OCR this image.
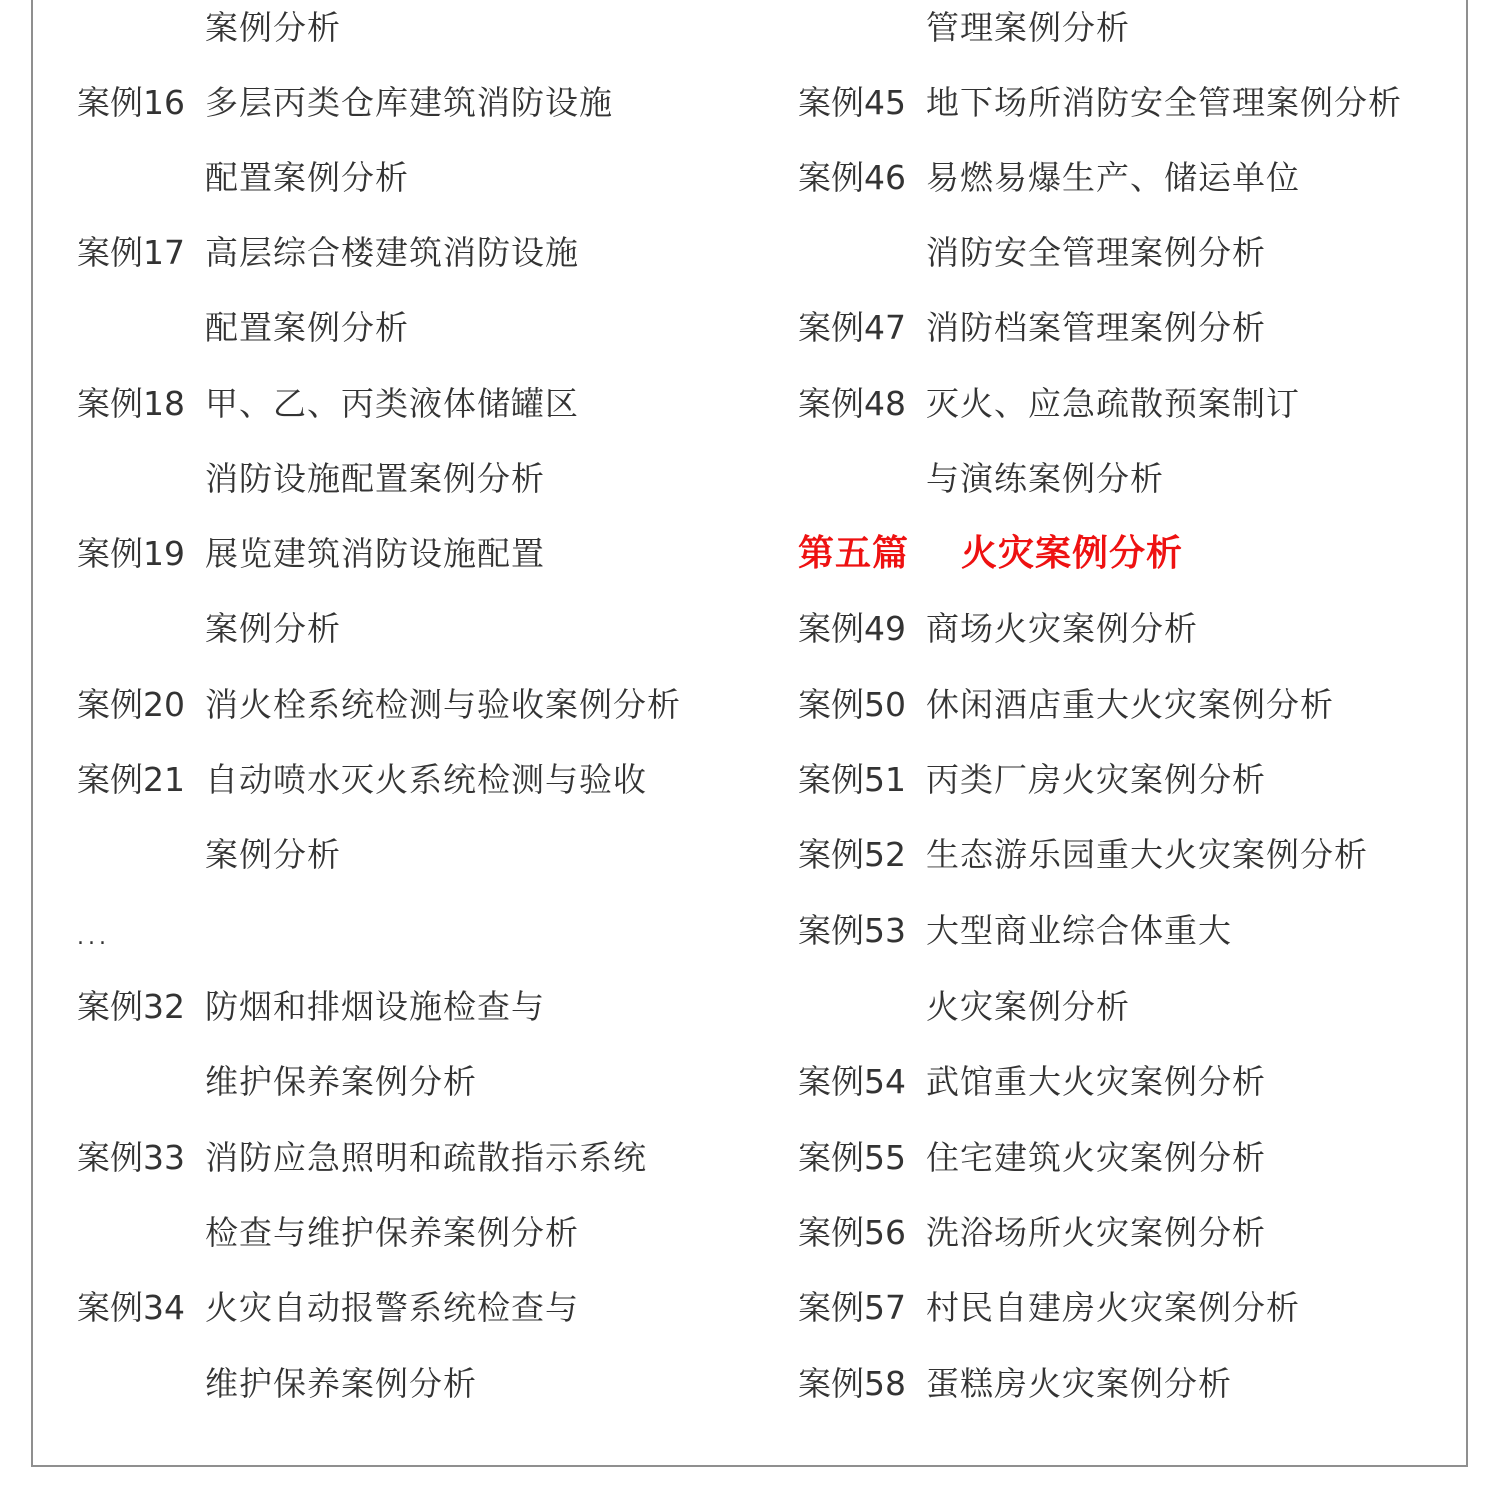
案例分析
案例16 多层丙类仓库建筑消防设施
配置案例分析
案例17 高层综合楼建筑消防设施
配置案例分析
案例18 甲、乙、丙类液体储罐区
消防设施配置案例分析
案例19 展览建筑消防设施配置
案例分析
案例20 消火栓系统检测与验收案例分析
案例21 自动喷水灭火系统检测与验收
案例分析
...
案例32 防烟和排烟设施检查与
维护保养案例分析
案例33 消防应急照明和疏散指示系统
检查与维护保养案例分析
案例34 火灾自动报警系统检查与
维护保养案例分析
管理案例分析
案例45 地下场所消防安全管理案例分析
案例46 易燃易爆生产、储运单位
消防安全管理案例分析
案例47 消防档案管理案例分析
案例48 灭火、应急疏散预案制订
与演练案例分析
第五篇 火灾案例分析
案例49 商场火灾案例分析
案例50 休闲酒店重大火灾案例分析
案例51 丙类厂房火灾案例分析
案例52 生态游乐园重大火灾案例分析
案例53 大型商业综合体重大
火灾案例分析
案例54 武馆重大火灾案例分析
案例55 住宅建筑火灾案例分析
案例56 洗浴场所火灾案例分析
案例57 村民自建房火灾案例分析
案例58 蛋糕房火灾案例分析
